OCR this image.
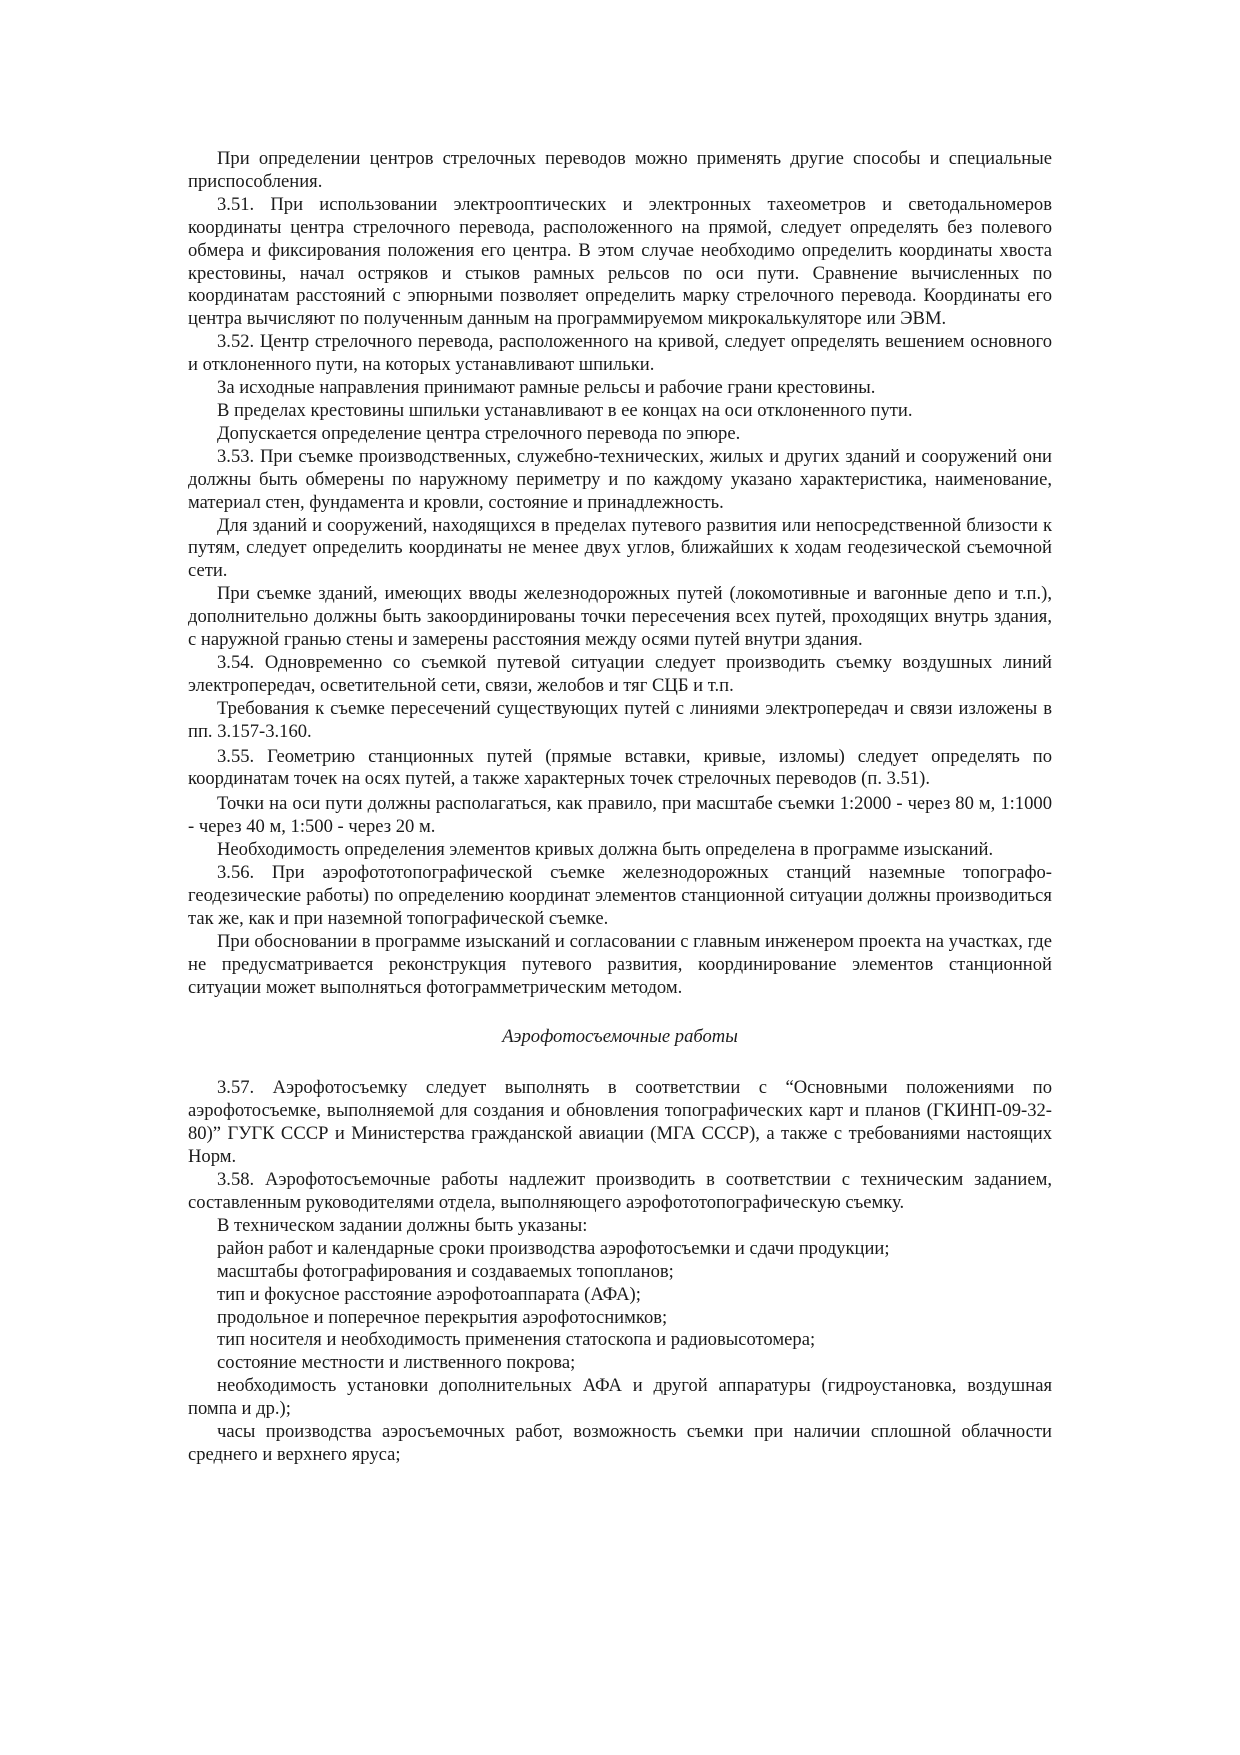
При определении центров стрелочных переводов можно применять другие способы и специальные приспособления.

3.51. При использовании электрооптических и электронных тахеометров и светодальномеров координаты центра стрелочного перевода, расположенного на прямой, следует определять без полевого обмера и фиксирования положения его центра. В этом случае необходимо определить координаты хвоста крестовины, начал остряков и стыков рамных рельсов по оси пути. Сравнение вычисленных по координатам расстояний с эпюрными позволяет определить марку стрелочного перевода. Координаты его центра вычисляют по полученным данным на программируемом микрокалькуляторе или ЭВМ.

3.52. Центр стрелочного перевода, расположенного на кривой, следует определять вешением основного и отклоненного пути, на которых устанавливают шпильки.

За исходные направления принимают рамные рельсы и рабочие грани крестовины.

В пределах крестовины шпильки устанавливают в ее концах на оси отклоненного пути.

Допускается определение центра стрелочного перевода по эпюре.

3.53. При съемке производственных, служебно-технических, жилых и других зданий и сооружений они должны быть обмерены по наружному периметру и по каждому указано характеристика, наименование, материал стен, фундамента и кровли, состояние и принадлежность.

Для зданий и сооружений, находящихся в пределах путевого развития или непосредственной близости к путям, следует определить координаты не менее двух углов, ближайших к ходам геодезической съемочной сети.

При съемке зданий, имеющих вводы железнодорожных путей (локомотивные и вагонные депо и т.п.), дополнительно должны быть закоординированы точки пересечения всех путей, проходящих внутрь здания, с наружной гранью стены и замерены расстояния между осями путей внутри здания.

3.54. Одновременно со съемкой путевой ситуации следует производить съемку воздушных линий электропередач, осветительной сети, связи, желобов и тяг СЦБ и т.п.

Требования к съемке пересечений существующих путей с линиями электропередач и связи изложены в пп. 3.157-3.160.

3.55. Геометрию станционных путей (прямые вставки, кривые, изломы) следует определять по координатам точек на осях путей, а также характерных точек стрелочных переводов (п. 3.51).

Точки на оси пути должны располагаться, как правило, при масштабе съемки 1:2000 - через 80 м, 1:1000 - через 40 м, 1:500 - через 20 м.

Необходимость определения элементов кривых должна быть определена в программе изысканий.

3.56. При аэрофототопографической съемке железнодорожных станций наземные топографо-геодезические работы) по определению координат элементов станционной ситуации должны производиться так же, как и при наземной топографической съемке.

При обосновании в программе изысканий и согласовании с главным инженером проекта на участках, где не предусматривается реконструкция путевого развития, координирование элементов станционной ситуации может выполняться фотограмметрическим методом.

Аэрофотосъемочные работы

3.57. Аэрофотосъемку следует выполнять в соответствии с “Основными положениями по аэрофотосъемке, выполняемой для создания и обновления топографических карт и планов (ГКИНП-09-32-80)” ГУГК СССР и Министерства гражданской авиации (МГА СССР), а также с требованиями настоящих Норм.

3.58. Аэрофотосъемочные работы надлежит производить в соответствии с техническим заданием, составленным руководителями отдела, выполняющего аэрофототопографическую съемку.

В техническом задании должны быть указаны:

район работ и календарные сроки производства аэрофотосъемки и сдачи продукции;

масштабы фотографирования и создаваемых топопланов;

тип и фокусное расстояние аэрофотоаппарата (АФА);

продольное и поперечное перекрытия аэрофотоснимков;

тип носителя и необходимость применения статоскопа и радиовысотомера;

состояние местности и лиственного покрова;

необходимость установки дополнительных АФА и другой аппаратуры (гидроустановка, воздушная помпа и др.);

часы производства аэросъемочных работ, возможность съемки при наличии сплошной облачности среднего и верхнего яруса;
